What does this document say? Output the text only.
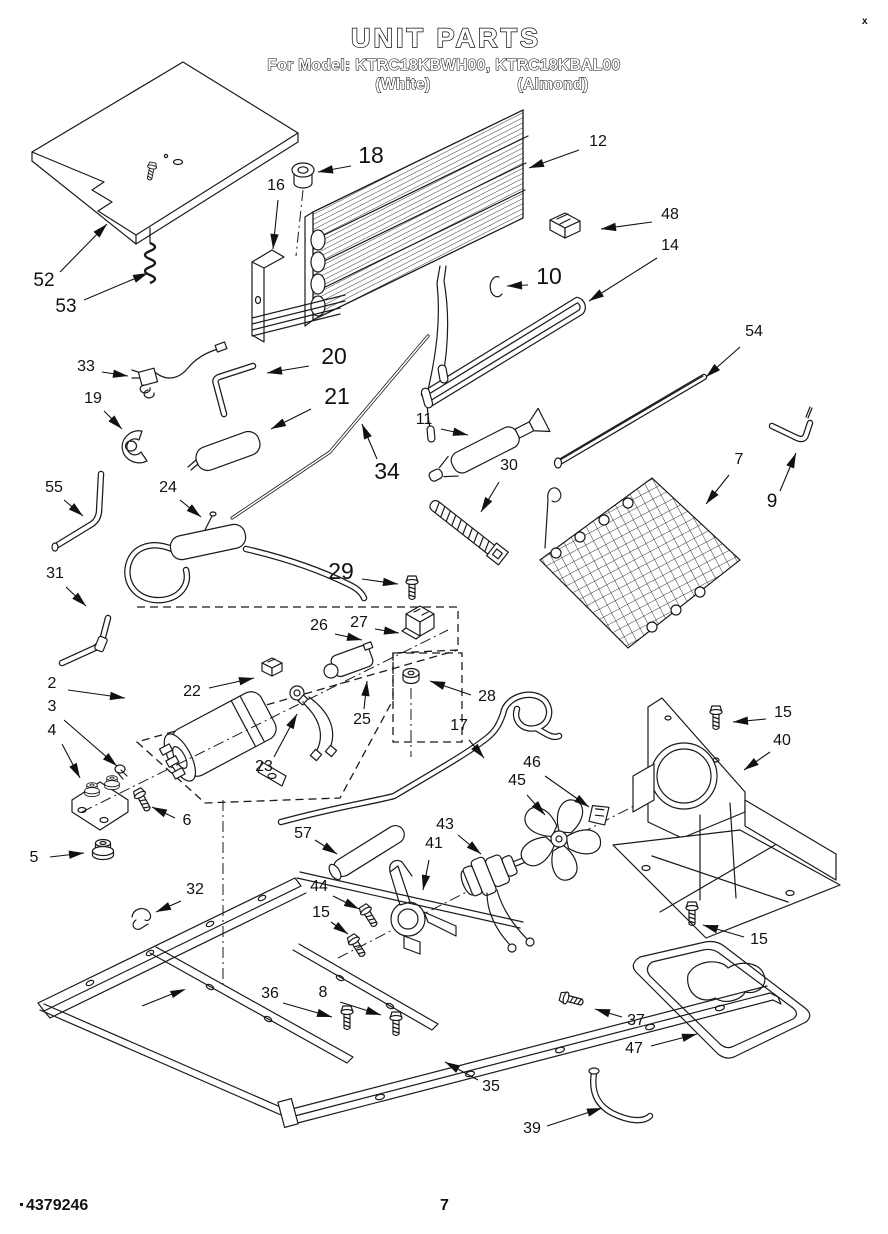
UNIT PARTS
For Model: KTRC18KBWH00, KTRC18KBAL00
(White)	(Almond)
x
4379246	7
52
53
16
18
12
48
14
10
54
9
7
33
19
20
21
34
11
30
55	24
31	29
26 27
22
23
25
28
17
46
45
57
44
15
41
43
15
40
15
2
3
4
6
5
32
36 8
37
47
35
39
